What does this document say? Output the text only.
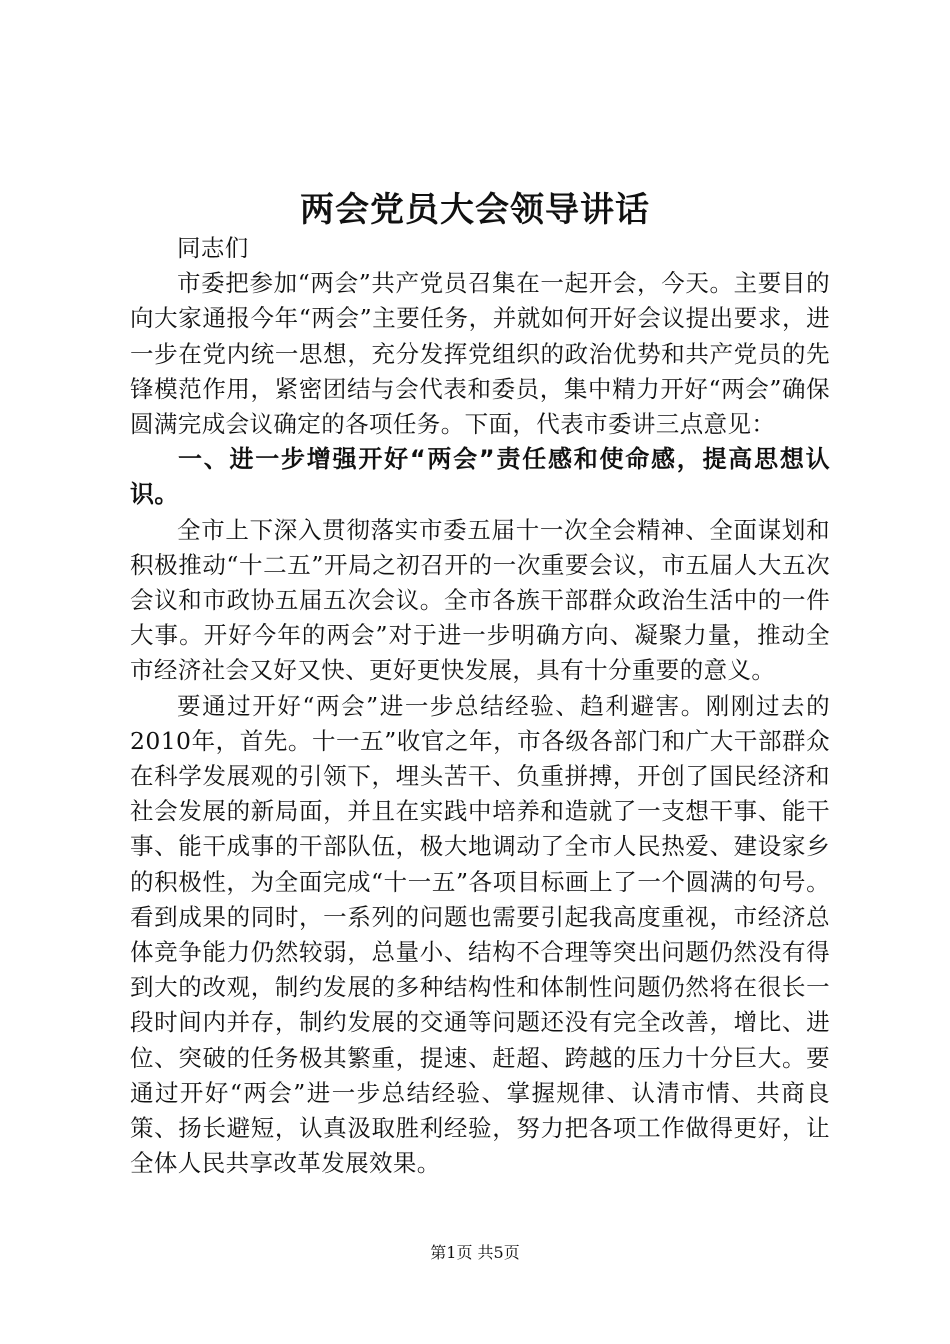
两会党员大会领导讲话

同志们

市委把参加“两会”共产党员召集在一起开会，今天。主要目的向大家通报今年“两会”主要任务，并就如何开好会议提出要求，进一步在党内统一思想，充分发挥党组织的政治优势和共产党员的先锋模范作用，紧密团结与会代表和委员，集中精力开好“两会”确保圆满完成会议确定的各项任务。下面，代表市委讲三点意见：

一、进一步增强开好“两会”责任感和使命感，提高思想认识。

全市上下深入贯彻落实市委五届十一次全会精神、全面谋划和积极推动“十二五”开局之初召开的一次重要会议，市五届人大五次会议和市政协五届五次会议。全市各族干部群众政治生活中的一件大事。开好今年的两会”对于进一步明确方向、凝聚力量，推动全市经济社会又好又快、更好更快发展，具有十分重要的意义。

要通过开好“两会”进一步总结经验、趋利避害。刚刚过去的2010年，首先。十一五”收官之年，市各级各部门和广大干部群众在科学发展观的引领下，埋头苦干、负重拼搏，开创了国民经济和社会发展的新局面，并且在实践中培养和造就了一支想干事、能干事、能干成事的干部队伍，极大地调动了全市人民热爱、建设家乡的积极性，为全面完成“十一五”各项目标画上了一个圆满的句号。看到成果的同时，一系列的问题也需要引起我高度重视，市经济总体竞争能力仍然较弱，总量小、结构不合理等突出问题仍然没有得到大的改观，制约发展的多种结构性和体制性问题仍然将在很长一段时间内并存，制约发展的交通等问题还没有完全改善，增比、进位、突破的任务极其繁重，提速、赶超、跨越的压力十分巨大。要通过开好“两会”进一步总结经验、掌握规律、认清市情、共商良策、扬长避短，认真汲取胜利经验，努力把各项工作做得更好，让全体人民共享改革发展效果。

第1页 共5页
